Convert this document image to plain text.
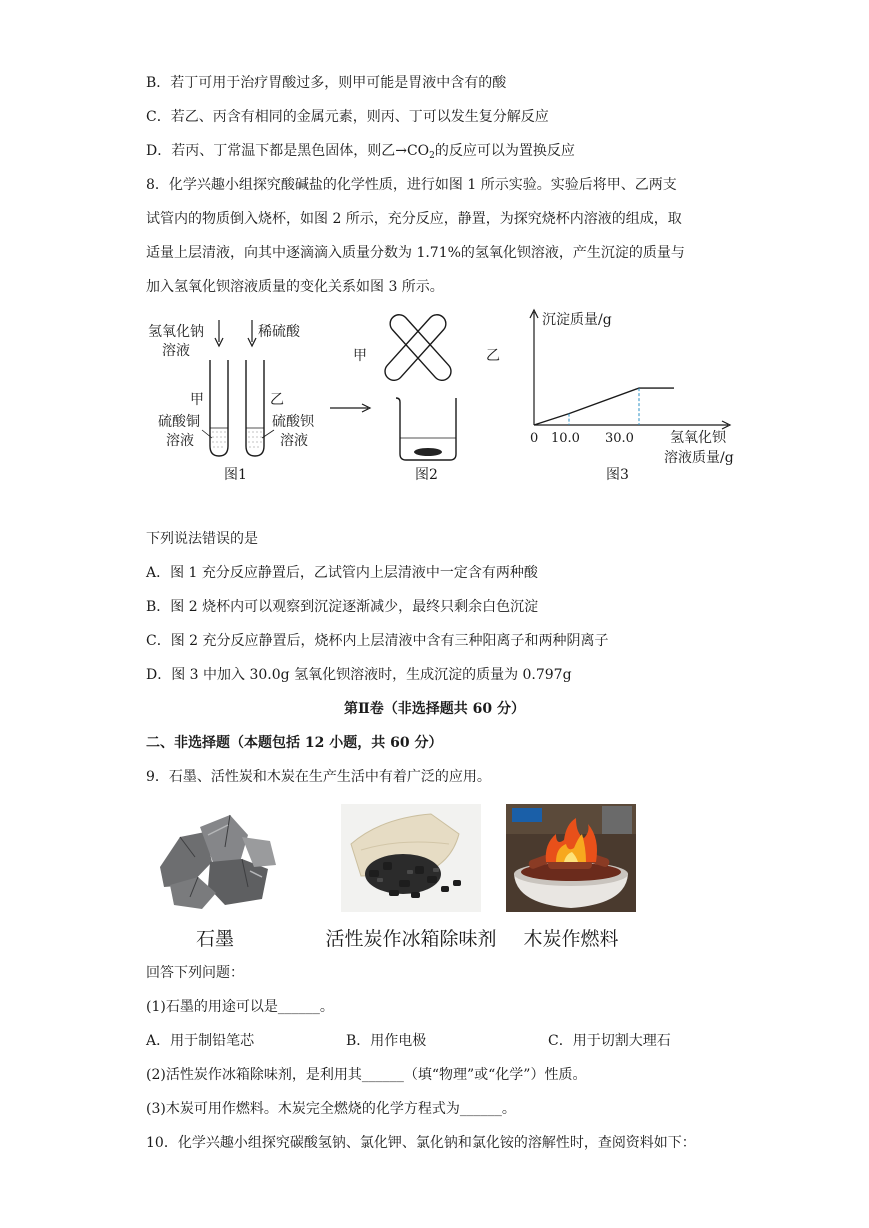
B．若丁可用于治疗胃酸过多，则甲可能是胃液中含有的酸
C．若乙、丙含有相同的金属元素，则丙、丁可以发生复分解反应
D．若丙、丁常温下都是黑色固体，则乙$\to CO_2$的反应可以为置换反应
8．化学兴趣小组探究酸碱盐的化学性质，进行如图 1 所示实验。实验后将甲、乙两支
试管内的物质倒入烧杯，如图 2 所示，充分反应，静置，为探究烧杯内溶液的组成，取
适量上层清液，向其中逐滴滴入质量分数为 1.71%的氢氧化钡溶液，产生沉淀的质量与
加入氢氧化钡溶液质量的变化关系如图 3 所示。
氢氧化钠
溶液
稀硫酸
甲	乙
硫酸铜
溶液
硫酸钡
溶液
图1
甲	乙
图2
沉淀质量/g
0 10.0 30.0	氢氧化钡
溶液质量/g
图3
下列说法错误的是
A．图 1 充分反应静置后，乙试管内上层清液中一定含有两种酸
B．图 2 烧杯内可以观察到沉淀逐渐减少，最终只剩余白色沉淀
C．图 2 充分反应静置后，烧杯内上层清液中含有三种阳离子和两种阴离子
D．图 3 中加入 30.0g 氢氧化钡溶液时，生成沉淀的质量为 0.797g
第Ⅱ卷（非选择题共 60 分）
二、非选择题（本题包括 12 小题，共 60 分）
9．石墨、活性炭和木炭在生产生活中有着广泛的应用。
石墨	活性炭作冰箱除味剂	木炭作燃料
回答下列问题：
(1)石墨的用途可以是______。
A．用于制铅笔芯	B．用作电极	C．用于切割大理石
(2)活性炭作冰箱除味剂，是利用其______（填“物理”或“化学”）性质。
(3)木炭可用作燃料。木炭完全燃烧的化学方程式为______。
10．化学兴趣小组探究碳酸氢钠、氯化钾、氯化钠和氯化铵的溶解性时，查阅资料如下：
